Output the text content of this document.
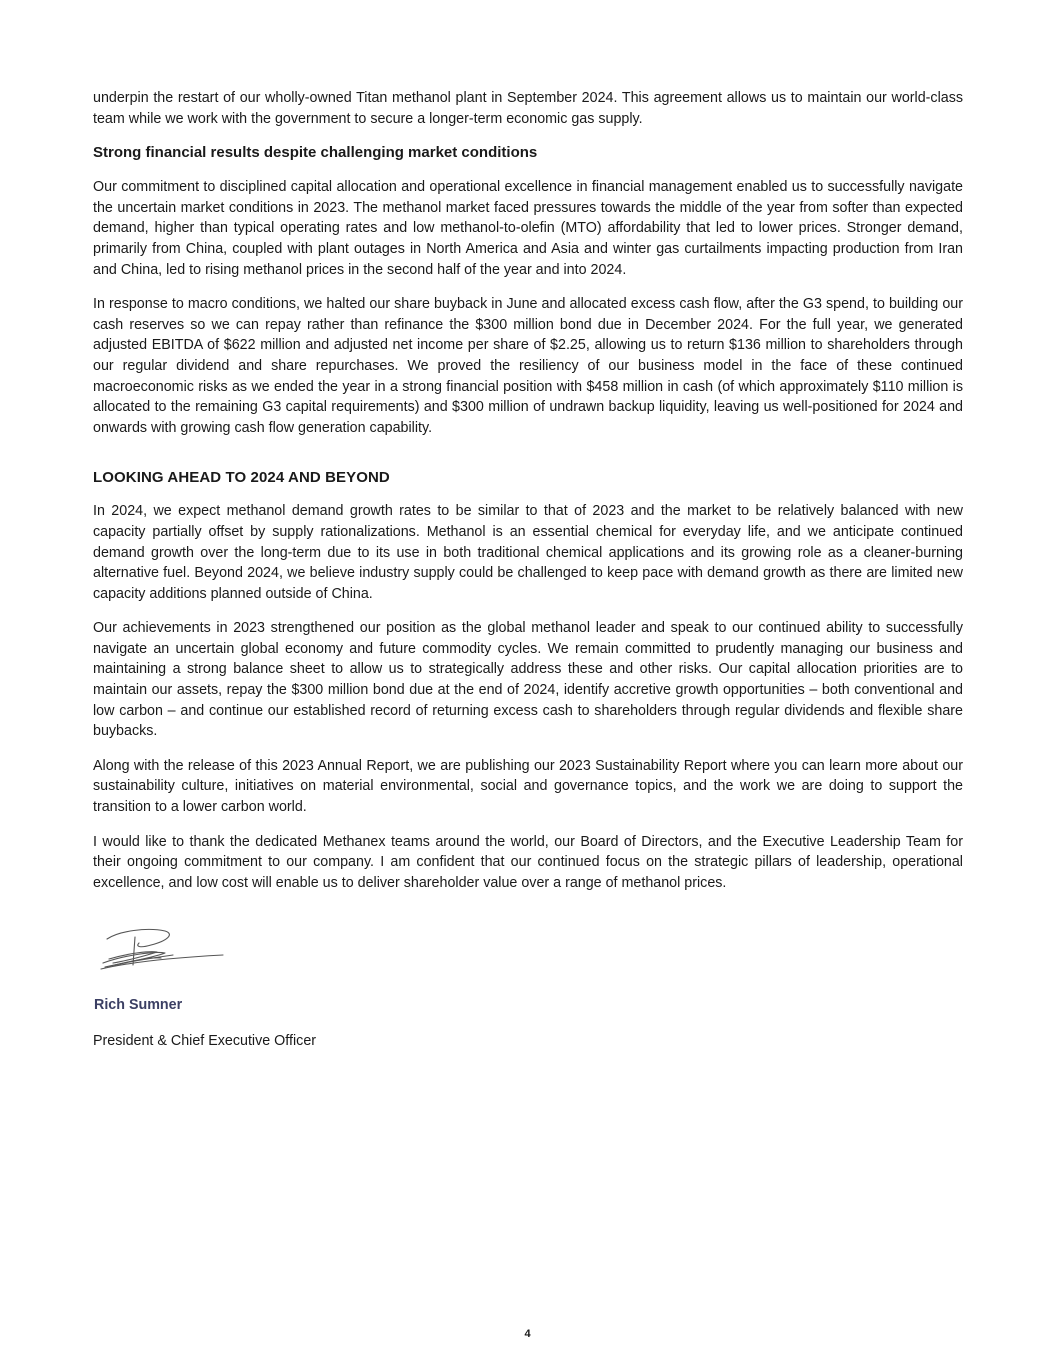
underpin the restart of our wholly-owned Titan methanol plant in September 2024. This agreement allows us to maintain our world-class team while we work with the government to secure a longer-term economic gas supply.

Strong financial results despite challenging market conditions

Our commitment to disciplined capital allocation and operational excellence in financial management enabled us to successfully navigate the uncertain market conditions in 2023. The methanol market faced pressures towards the middle of the year from softer than expected demand, higher than typical operating rates and low methanol-to-olefin (MTO) affordability that led to lower prices. Stronger demand, primarily from China, coupled with plant outages in North America and Asia and winter gas curtailments impacting production from Iran and China, led to rising methanol prices in the second half of the year and into 2024.

In response to macro conditions, we halted our share buyback in June and allocated excess cash flow, after the G3 spend, to building our cash reserves so we can repay rather than refinance the $300 million bond due in December 2024. For the full year, we generated adjusted EBITDA of $622 million and adjusted net income per share of $2.25, allowing us to return $136 million to shareholders through our regular dividend and share repurchases. We proved the resiliency of our business model in the face of these continued macroeconomic risks as we ended the year in a strong financial position with $458 million in cash (of which approximately $110 million is allocated to the remaining G3 capital requirements) and $300 million of undrawn backup liquidity, leaving us well-positioned for 2024 and onwards with growing cash flow generation capability.

LOOKING AHEAD TO 2024 AND BEYOND

In 2024, we expect methanol demand growth rates to be similar to that of 2023 and the market to be relatively balanced with new capacity partially offset by supply rationalizations. Methanol is an essential chemical for everyday life, and we anticipate continued demand growth over the long-term due to its use in both traditional chemical applications and its growing role as a cleaner-burning alternative fuel. Beyond 2024, we believe industry supply could be challenged to keep pace with demand growth as there are limited new capacity additions planned outside of China.

Our achievements in 2023 strengthened our position as the global methanol leader and speak to our continued ability to successfully navigate an uncertain global economy and future commodity cycles. We remain committed to prudently managing our business and maintaining a strong balance sheet to allow us to strategically address these and other risks. Our capital allocation priorities are to maintain our assets, repay the $300 million bond due at the end of 2024, identify accretive growth opportunities – both conventional and low carbon – and continue our established record of returning excess cash to shareholders through regular dividends and flexible share buybacks.

Along with the release of this 2023 Annual Report, we are publishing our 2023 Sustainability Report where you can learn more about our sustainability culture, initiatives on material environmental, social and governance topics, and the work we are doing to support the transition to a lower carbon world.

I would like to thank the dedicated Methanex teams around the world, our Board of Directors, and the Executive Leadership Team for their ongoing commitment to our company. I am confident that our continued focus on the strategic pillars of leadership, operational excellence, and low cost will enable us to deliver shareholder value over a range of methanol prices.

Rich Sumner
President & Chief Executive Officer
4
